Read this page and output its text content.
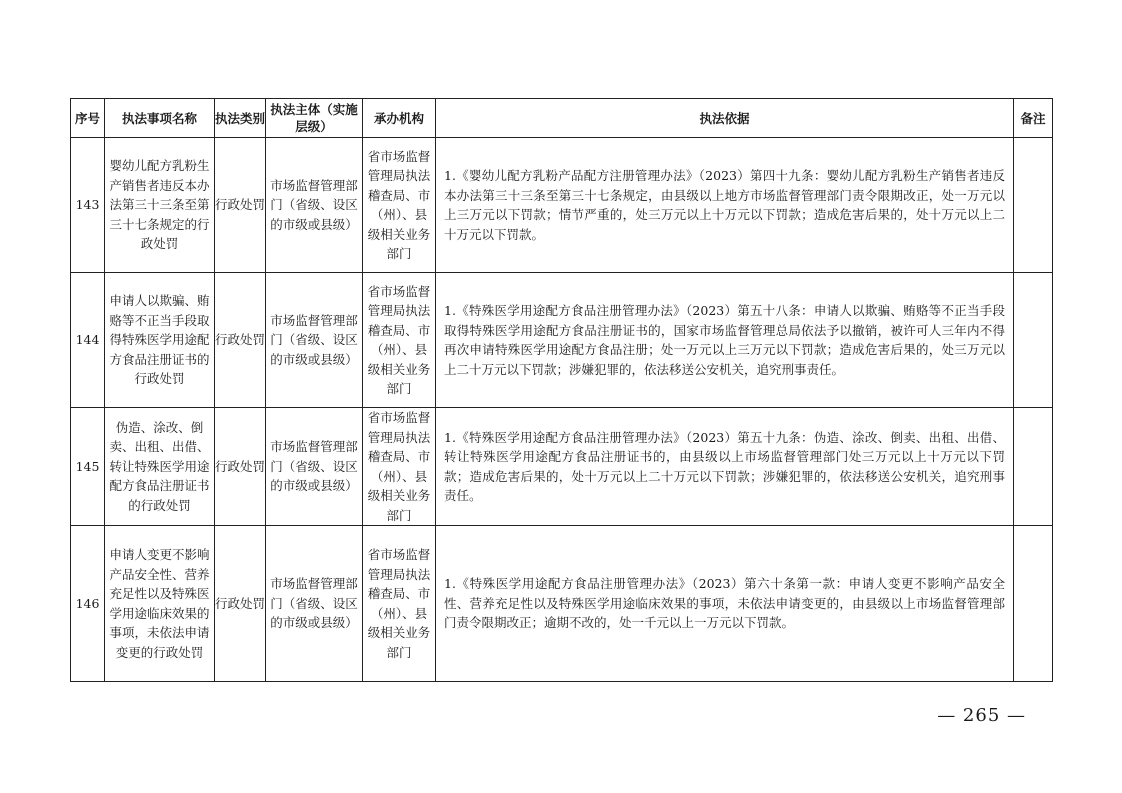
序号	执法事项名称	执法类别	执法主体（实施层级）	承办机构	执法依据	备注
143	婴幼儿配方乳粉生产销售者违反本办法第三十三条至第三十七条规定的行政处罚	行政处罚	市场监督管理部门（省级、设区的市级或县级）	省市场监督管理局执法稽查局、市（州）、县级相关业务部门	1.《婴幼儿配方乳粉产品配方注册管理办法》（2023）第四十九条：婴幼儿配方乳粉生产销售者违反本办法第三十三条至第三十七条规定，由县级以上地方市场监督管理部门责令限期改正，处一万元以上三万元以下罚款；情节严重的，处三万元以上十万元以下罚款；造成危害后果的，处十万元以上二十万元以下罚款。	
144	申请人以欺骗、贿赂等不正当手段取得特殊医学用途配方食品注册证书的行政处罚	行政处罚	市场监督管理部门（省级、设区的市级或县级）	省市场监督管理局执法稽查局、市（州）、县级相关业务部门	1.《特殊医学用途配方食品注册管理办法》（2023）第五十八条：申请人以欺骗、贿赂等不正当手段取得特殊医学用途配方食品注册证书的，国家市场监督管理总局依法予以撤销，被许可人三年内不得再次申请特殊医学用途配方食品注册；处一万元以上三万元以下罚款；造成危害后果的，处三万元以上二十万元以下罚款；涉嫌犯罪的，依法移送公安机关，追究刑事责任。	
145	伪造、涂改、倒卖、出租、出借、转让特殊医学用途配方食品注册证书的行政处罚	行政处罚	市场监督管理部门（省级、设区的市级或县级）	省市场监督管理局执法稽查局、市（州）、县级相关业务部门	1.《特殊医学用途配方食品注册管理办法》（2023）第五十九条：伪造、涂改、倒卖、出租、出借、转让特殊医学用途配方食品注册证书的，由县级以上市场监督管理部门处三万元以上十万元以下罚款；造成危害后果的，处十万元以上二十万元以下罚款；涉嫌犯罪的，依法移送公安机关，追究刑事责任。	
146	申请人变更不影响产品安全性、营养充足性以及特殊医学用途临床效果的事项，未依法申请变更的行政处罚	行政处罚	市场监督管理部门（省级、设区的市级或县级）	省市场监督管理局执法稽查局、市（州）、县级相关业务部门	1.《特殊医学用途配方食品注册管理办法》（2023）第六十条第一款：申请人变更不影响产品安全性、营养充足性以及特殊医学用途临床效果的事项，未依法申请变更的，由县级以上市场监督管理部门责令限期改正；逾期不改的，处一千元以上一万元以下罚款。	
— 265 —
